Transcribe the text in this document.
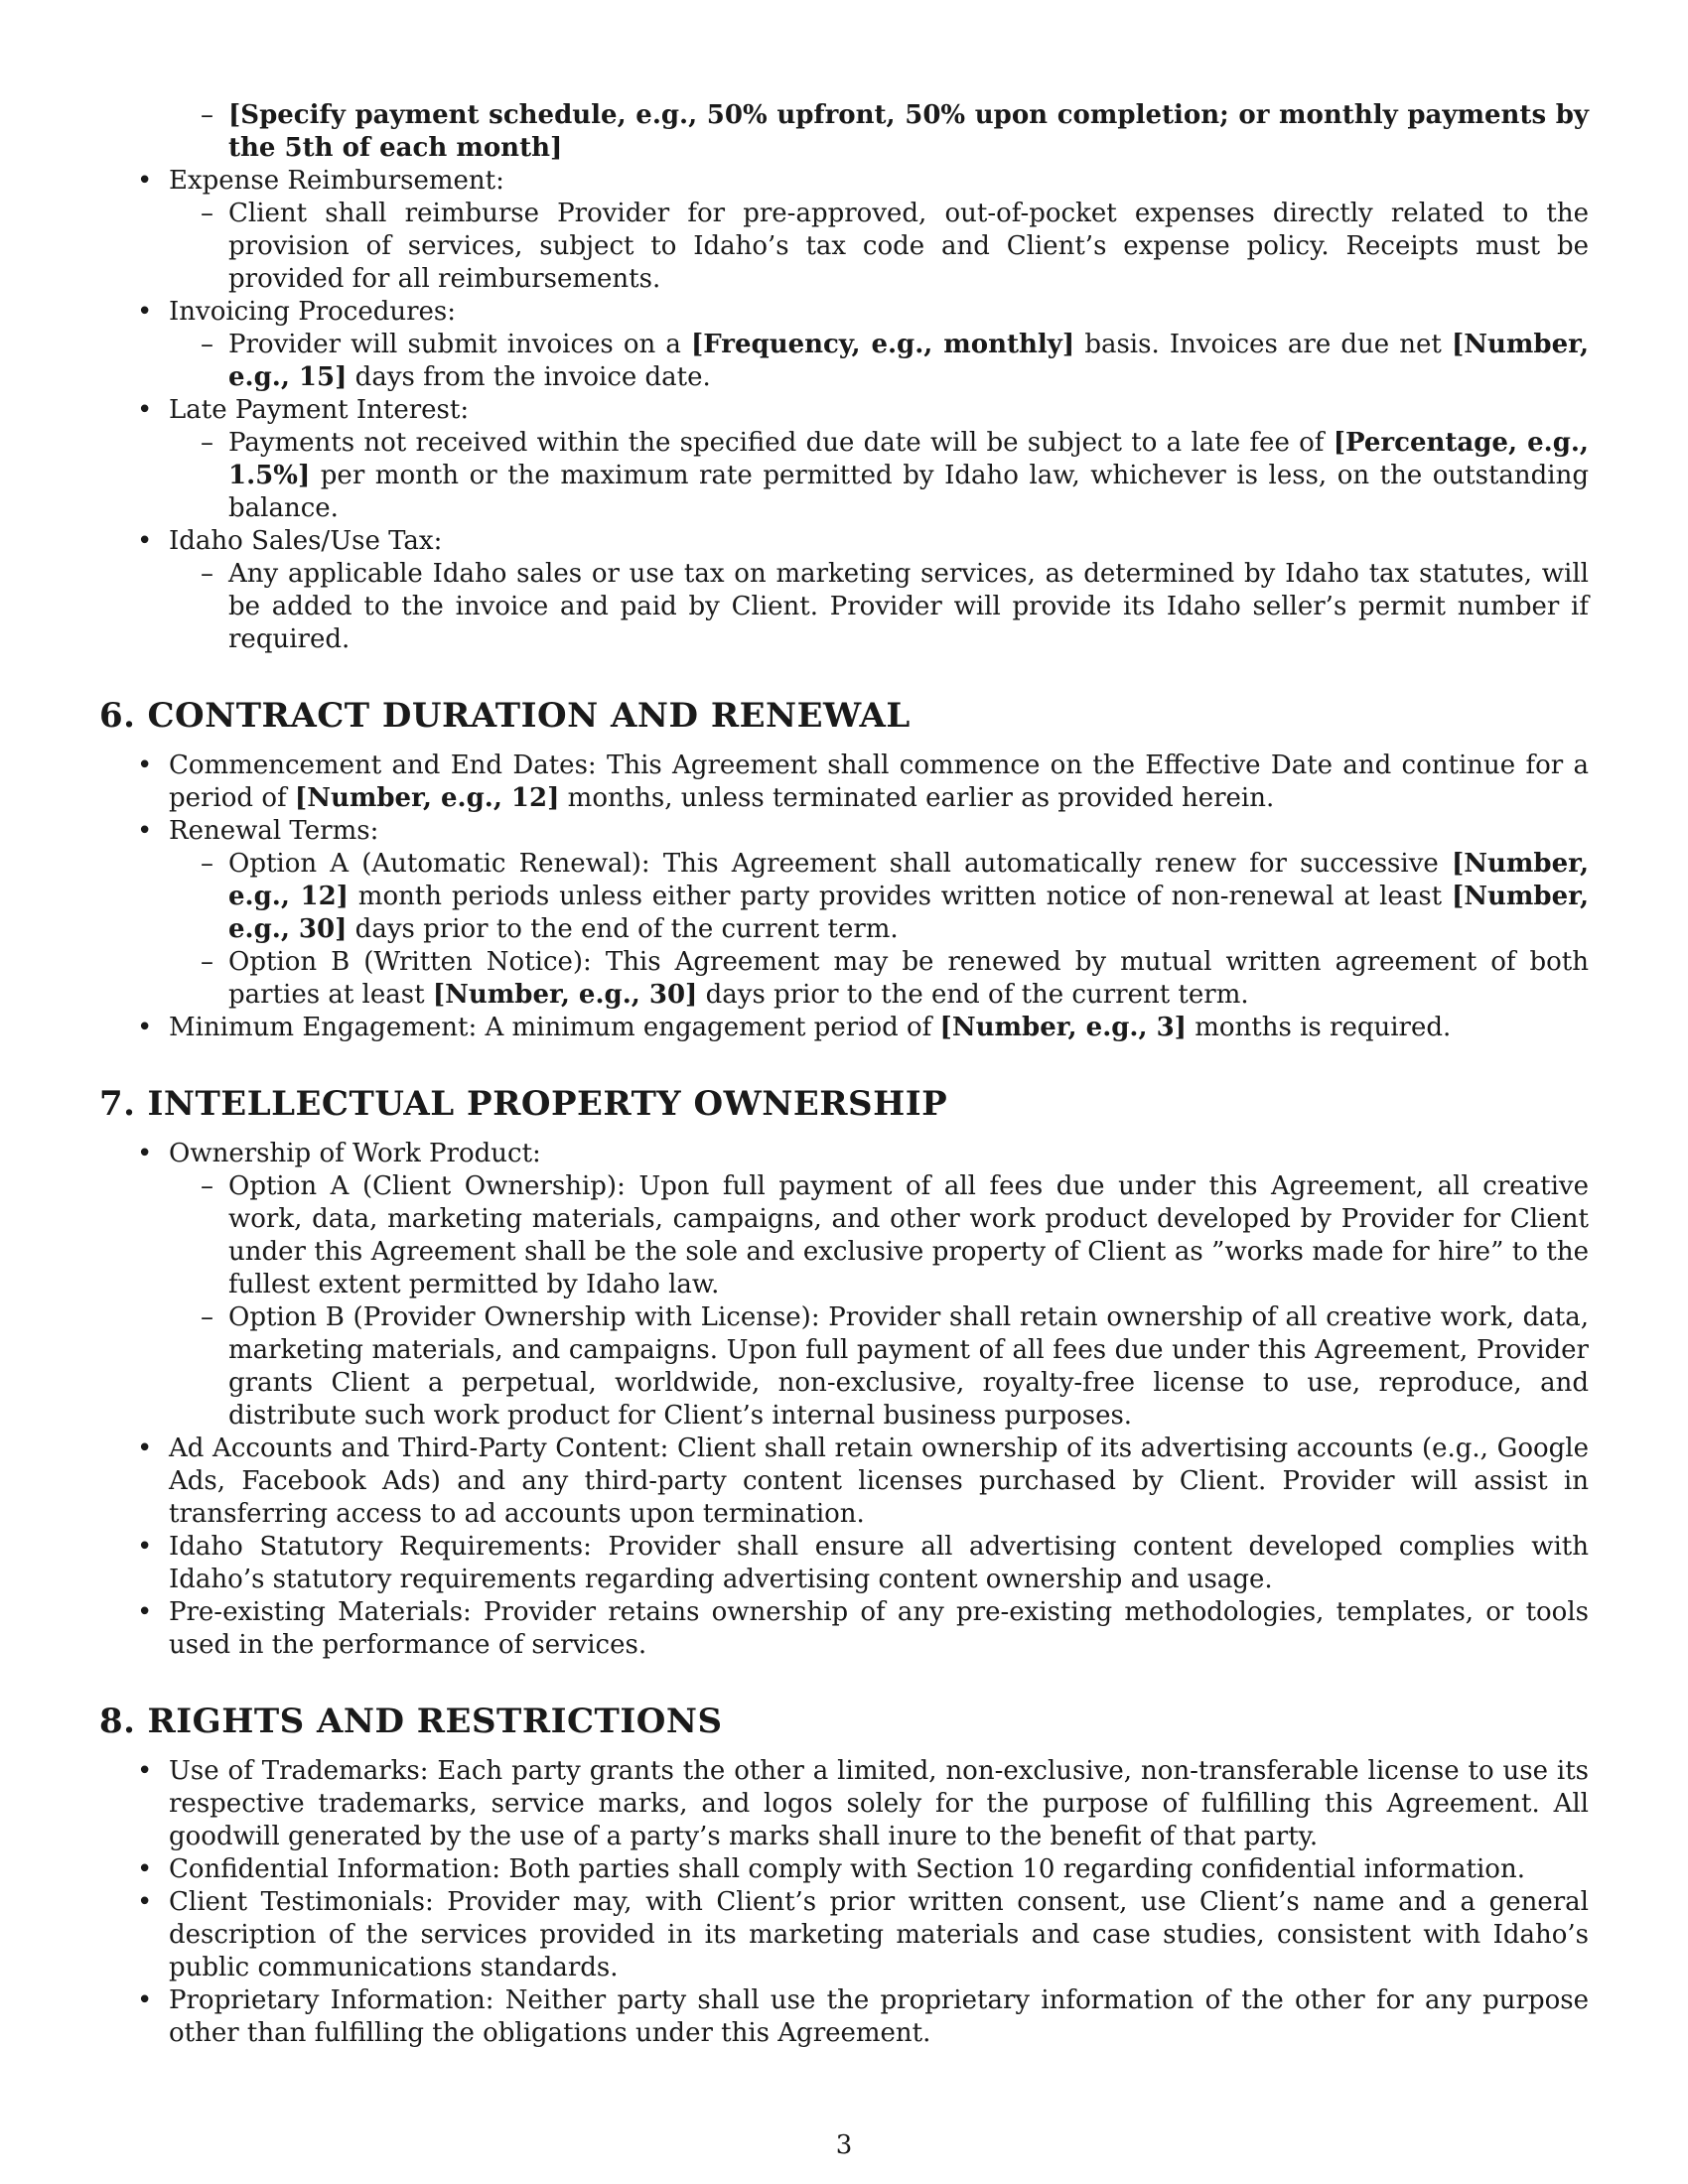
– [Specify payment schedule, e.g., 50% upfront, 50% upon completion; or monthly payments by the 5th of each month]
• Expense Reimbursement:
– Client shall reimburse Provider for pre-approved, out-of-pocket expenses directly related to the provision of services, subject to Idaho’s tax code and Client’s expense policy. Receipts must be provided for all reimbursements.
• Invoicing Procedures:
– Provider will submit invoices on a [Frequency, e.g., monthly] basis. Invoices are due net [Number, e.g., 15] days from the invoice date.
• Late Payment Interest:
– Payments not received within the specified due date will be subject to a late fee of [Percentage, e.g., 1.5%] per month or the maximum rate permitted by Idaho law, whichever is less, on the outstanding balance.
• Idaho Sales/Use Tax:
– Any applicable Idaho sales or use tax on marketing services, as determined by Idaho tax statutes, will be added to the invoice and paid by Client. Provider will provide its Idaho seller’s permit number if required.
6. CONTRACT DURATION AND RENEWAL
• Commencement and End Dates: This Agreement shall commence on the Effective Date and continue for a period of [Number, e.g., 12] months, unless terminated earlier as provided herein.
• Renewal Terms:
– Option A (Automatic Renewal): This Agreement shall automatically renew for successive [Number, e.g., 12] month periods unless either party provides written notice of non-renewal at least [Number, e.g., 30] days prior to the end of the current term.
– Option B (Written Notice): This Agreement may be renewed by mutual written agreement of both parties at least [Number, e.g., 30] days prior to the end of the current term.
• Minimum Engagement: A minimum engagement period of [Number, e.g., 3] months is required.
7. INTELLECTUAL PROPERTY OWNERSHIP
• Ownership of Work Product:
– Option A (Client Ownership): Upon full payment of all fees due under this Agreement, all creative work, data, marketing materials, campaigns, and other work product developed by Provider for Client under this Agreement shall be the sole and exclusive property of Client as ”works made for hire” to the fullest extent permitted by Idaho law.
– Option B (Provider Ownership with License): Provider shall retain ownership of all creative work, data, marketing materials, and campaigns. Upon full payment of all fees due under this Agreement, Provider grants Client a perpetual, worldwide, non-exclusive, royalty-free license to use, reproduce, and distribute such work product for Client’s internal business purposes.
• Ad Accounts and Third-Party Content: Client shall retain ownership of its advertising accounts (e.g., Google Ads, Facebook Ads) and any third-party content licenses purchased by Client. Provider will assist in transferring access to ad accounts upon termination.
• Idaho Statutory Requirements: Provider shall ensure all advertising content developed complies with Idaho’s statutory requirements regarding advertising content ownership and usage.
• Pre-existing Materials: Provider retains ownership of any pre-existing methodologies, templates, or tools used in the performance of services.
8. RIGHTS AND RESTRICTIONS
• Use of Trademarks: Each party grants the other a limited, non-exclusive, non-transferable license to use its respective trademarks, service marks, and logos solely for the purpose of fulfilling this Agreement. All goodwill generated by the use of a party’s marks shall inure to the benefit of that party.
• Confidential Information: Both parties shall comply with Section 10 regarding confidential information.
• Client Testimonials: Provider may, with Client’s prior written consent, use Client’s name and a general description of the services provided in its marketing materials and case studies, consistent with Idaho’s public communications standards.
• Proprietary Information: Neither party shall use the proprietary information of the other for any purpose other than fulfilling the obligations under this Agreement.
3
